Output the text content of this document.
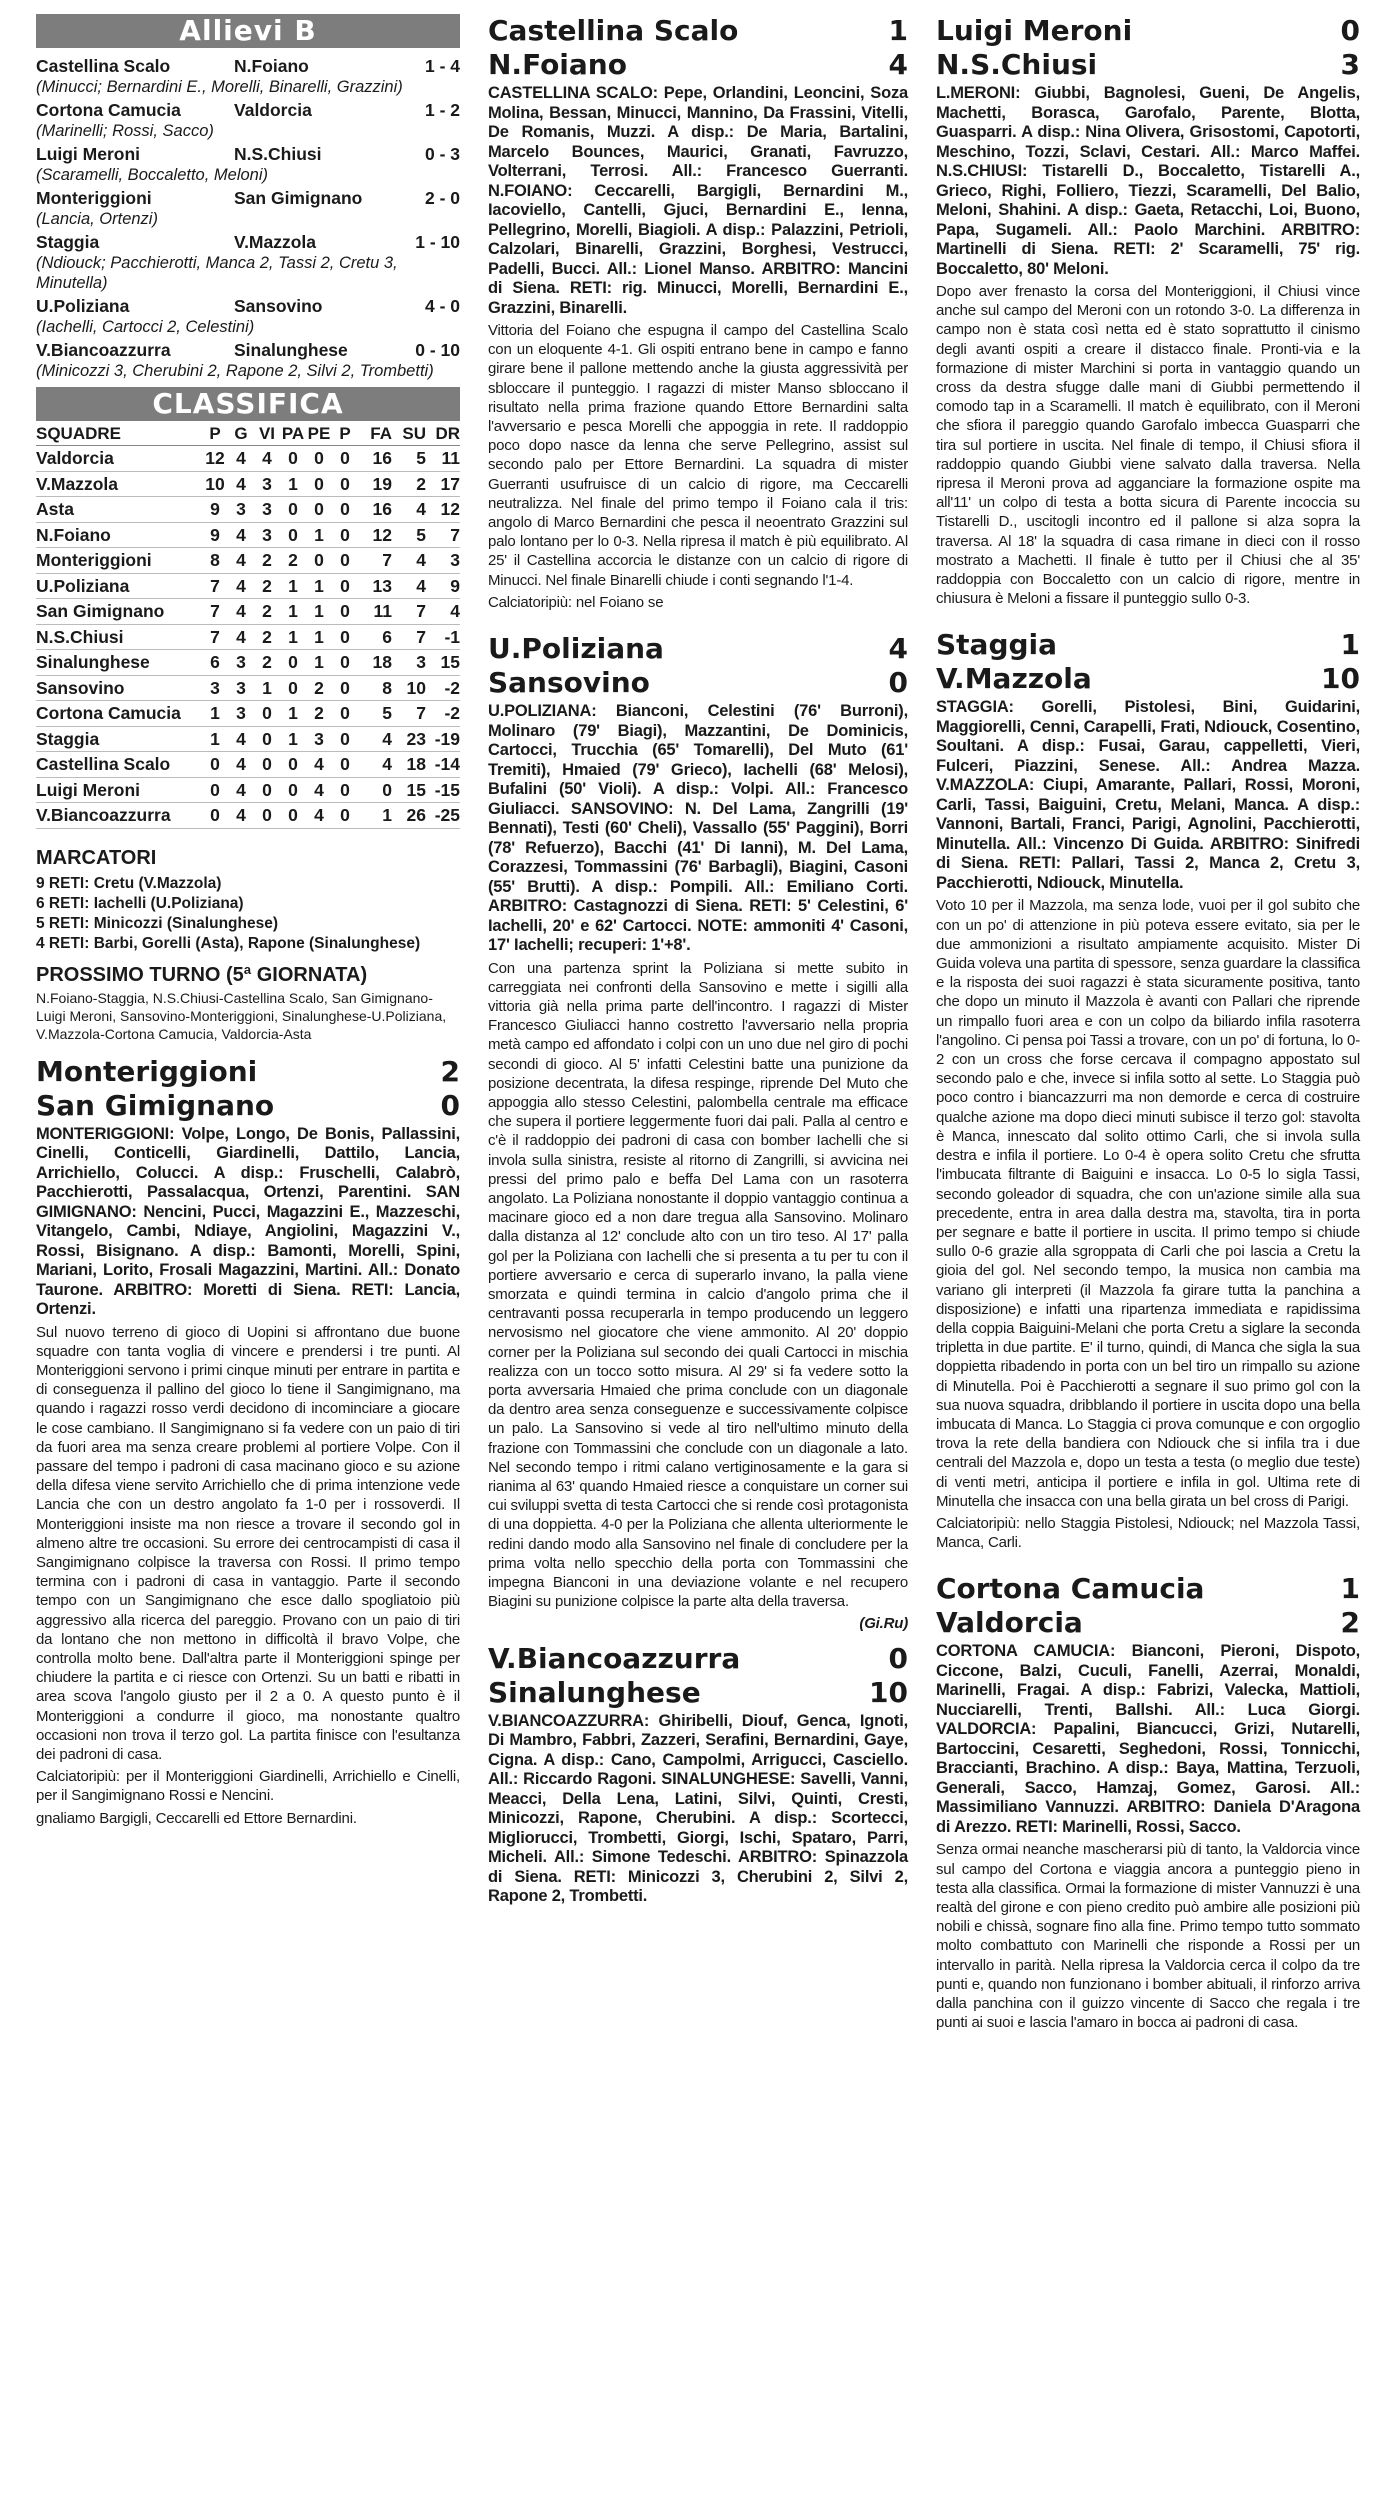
Allievi B
Castellina Scalo	N.Foiano	1 - 4
(Minucci; Bernardini E., Morelli, Binarelli, Grazzini)
Cortona Camucia	Valdorcia	1 - 2
(Marinelli; Rossi, Sacco)
Luigi Meroni	N.S.Chiusi	0 - 3
(Scaramelli, Boccaletto, Meloni)
Monteriggioni	San Gimignano	2 - 0
(Lancia, Ortenzi)
Staggia	V.Mazzola	1 - 10
(Ndiouck; Pacchierotti, Manca 2, Tassi 2, Cretu 3, Minutella)
U.Poliziana	Sansovino	4 - 0
(Iachelli, Cartocci 2, Celestini)
V.Biancoazzurra	Sinalunghese	0 - 10
(Minicozzi 3, Cherubini 2, Rapone 2, Silvi 2, Trombetti)
CLASSIFICA
SQUADRE	P	G	VI	PA	PE	P	FA	SU	DR
Valdorcia	12	4	4	0	0	0	16	5	11
V.Mazzola	10	4	3	1	0	0	19	2	17
Asta	9	3	3	0	0	0	16	4	12
N.Foiano	9	4	3	0	1	0	12	5	7
Monteriggioni	8	4	2	2	0	0	7	4	3
U.Poliziana	7	4	2	1	1	0	13	4	9
San Gimignano	7	4	2	1	1	0	11	7	4
N.S.Chiusi	7	4	2	1	1	0	6	7	-1
Sinalunghese	6	3	2	0	1	0	18	3	15
Sansovino	3	3	1	0	2	0	8	10	-2
Cortona Camucia	1	3	0	1	2	0	5	7	-2
Staggia	1	4	0	1	3	0	4	23	-19
Castellina Scalo	0	4	0	0	4	0	4	18	-14
Luigi Meroni	0	4	0	0	4	0	0	15	-15
V.Biancoazzurra	0	4	0	0	4	0	1	26	-25
MARCATORI
9 RETI: Cretu (V.Mazzola)
6 RETI: Iachelli (U.Poliziana)
5 RETI: Minicozzi (Sinalunghese)
4 RETI: Barbi, Gorelli (Asta), Rapone (Sinalunghese)
PROSSIMO TURNO (5ª GIORNATA)
N.Foiano-Staggia, N.S.Chiusi-Castellina Scalo, San Gimignano-Luigi Meroni, Sansovino-Monteriggioni, Sinalunghese-U.Poliziana, V.Mazzola-Cortona Camucia, Valdorcia-Asta
Monteriggioni	2
San Gimignano	0
MONTERIGGIONI: Volpe, Longo, De Bonis, Pallassini, Cinelli, Conticelli, Giardinelli, Dattilo, Lancia, Arrichiello, Colucci. A disp.: Fruschelli, Calabrò, Pacchierotti, Passalacqua, Ortenzi, Parentini. SAN GIMIGNANO: Nencini, Pucci, Magazzini E., Mazzeschi, Vitangelo, Cambi, Ndiaye, Angiolini, Magazzini V., Rossi, Bisignano. A disp.: Bamonti, Morelli, Spini, Mariani, Lorito, Frosali Magazzini, Martini. All.: Donato Taurone. ARBITRO: Moretti di Siena. RETI: Lancia, Ortenzi.
Sul nuovo terreno di gioco di Uopini si affrontano due buone squadre con tanta voglia di vincere e prendersi i tre punti. Al Monteriggioni servono i primi cinque minuti per entrare in partita e di conseguenza il pallino del gioco lo tiene il Sangimignano, ma quando i ragazzi rosso verdi decidono di incominciare a giocare le cose cambiano. Il Sangimignano si fa vedere con un paio di tiri da fuori area ma senza creare problemi al portiere Volpe. Con il passare del tempo i padroni di casa macinano gioco e su azione della difesa viene servito Arrichiello che di prima intenzione vede Lancia che con un destro angolato fa 1-0 per i rossoverdi. Il Monteriggioni insiste ma non riesce a trovare il secondo gol in almeno altre tre occasioni. Su errore dei centrocampisti di casa il Sangimignano colpisce la traversa con Rossi. Il primo tempo termina con i padroni di casa in vantaggio. Parte il secondo tempo con un Sangimignano che esce dallo spogliatoio più aggressivo alla ricerca del pareggio. Provano con un paio di tiri da lontano che non mettono in difficoltà il bravo Volpe, che controlla molto bene. Dall'altra parte il Monteriggioni spinge per chiudere la partita e ci riesce con Ortenzi. Su un batti e ribatti in area scova l'angolo giusto per il 2 a 0. A questo punto è il Monteriggioni a condurre il gioco, ma nonostante qualtro occasioni non trova il terzo gol. La partita finisce con l'esultanza dei padroni di casa.
Calciatoripiù: per il Monteriggioni Giardinelli, Arrichiello e Cinelli, per il Sangimignano Rossi e Nencini.
gnaliamo Bargigli, Ceccarelli ed Ettore Bernardini.
Castellina Scalo	1
N.Foiano	4
CASTELLINA SCALO: Pepe, Orlandini, Leoncini, Soza Molina, Bessan, Minucci, Mannino, Da Frassini, Vitelli, De Romanis, Muzzi. A disp.: De Maria, Bartalini, Marcelo Bounces, Maurici, Granati, Favruzzo, Volterrani, Terrosi. All.: Francesco Guerranti. N.FOIANO: Ceccarelli, Bargigli, Bernardini M., Iacoviello, Cantelli, Gjuci, Bernardini E., Ienna, Pellegrino, Morelli, Biagioli. A disp.: Palazzini, Petrioli, Calzolari, Binarelli, Grazzini, Borghesi, Vestrucci, Padelli, Bucci. All.: Lionel Manso. ARBITRO: Mancini di Siena. RETI: rig. Minucci, Morelli, Bernardini E., Grazzini, Binarelli.
Vittoria del Foiano che espugna il campo del Castellina Scalo con un eloquente 4-1. Gli ospiti entrano bene in campo e fanno girare bene il pallone mettendo anche la giusta aggressività per sbloccare il punteggio. I ragazzi di mister Manso sbloccano il risultato nella prima frazione quando Ettore Bernardini salta l'avversario e pesca Morelli che appoggia in rete. Il raddoppio poco dopo nasce da lenna che serve Pellegrino, assist sul secondo palo per Ettore Bernardini. La squadra di mister Guerranti usufruisce di un calcio di rigore, ma Ceccarelli neutralizza. Nel finale del primo tempo il Foiano cala il tris: angolo di Marco Bernardini che pesca il neoentrato Grazzini sul palo lontano per lo 0-3. Nella ripresa il match è più equilibrato. Al 25' il Castellina accorcia le distanze con un calcio di rigore di Minucci. Nel finale Binarelli chiude i conti segnando l'1-4.
Calciatoripiù: nel Foiano se
U.Poliziana	4
Sansovino	0
U.POLIZIANA: Bianconi, Celestini (76' Burroni), Molinaro (79' Biagi), Mazzantini, De Dominicis, Cartocci, Trucchia (65' Tomarelli), Del Muto (61' Tremiti), Hmaied (79' Grieco), Iachelli (68' Melosi), Bufalini (50' Violi). A disp.: Volpi. All.: Francesco Giuliacci. SANSOVINO: N. Del Lama, Zangrilli (19' Bennati), Testi (60' Cheli), Vassallo (55' Paggini), Borri (78' Refuerzo), Bacchi (41' Di Ianni), M. Del Lama, Corazzesi, Tommassini (76' Barbagli), Biagini, Casoni (55' Brutti). A disp.: Pompili. All.: Emiliano Corti. ARBITRO: Castagnozzi di Siena. RETI: 5' Celestini, 6' Iachelli, 20' e 62' Cartocci. NOTE: ammoniti 4' Casoni, 17' Iachelli; recuperi: 1'+8'.
Con una partenza sprint la Poliziana si mette subito in carreggiata nei confronti della Sansovino e mette i sigilli alla vittoria già nella prima parte dell'incontro. I ragazzi di Mister Francesco Giuliacci hanno costretto l'avversario nella propria metà campo ed affondato i colpi con un uno due nel giro di pochi secondi di gioco. Al 5' infatti Celestini batte una punizione da posizione decentrata, la difesa respinge, riprende Del Muto che appoggia allo stesso Celestini, palombella centrale ma efficace che supera il portiere leggermente fuori dai pali. Palla al centro e c'è il raddoppio dei padroni di casa con bomber Iachelli che si invola sulla sinistra, resiste al ritorno di Zangrilli, si avvicina nei pressi del primo palo e beffa Del Lama con un rasoterra angolato. La Poliziana nonostante il doppio vantaggio continua a macinare gioco ed a non dare tregua alla Sansovino. Molinaro dalla distanza al 12' conclude alto con un tiro teso. Al 17' palla gol per la Poliziana con Iachelli che si presenta a tu per tu con il portiere avversario e cerca di superarlo invano, la palla viene smorzata e quindi termina in calcio d'angolo prima che il centravanti possa recuperarla in tempo producendo un leggero nervosismo nel giocatore che viene ammonito. Al 20' doppio corner per la Poliziana sul secondo dei quali Cartocci in mischia realizza con un tocco sotto misura. Al 29' si fa vedere sotto la porta avversaria Hmaied che prima conclude con un diagonale da dentro area senza conseguenze e successivamente colpisce un palo. La Sansovino si vede al tiro nell'ultimo minuto della frazione con Tommassini che conclude con un diagonale a lato. Nel secondo tempo i ritmi calano vertiginosamente e la gara si rianima al 63' quando Hmaied riesce a conquistare un corner sui cui sviluppi svetta di testa Cartocci che si rende così protagonista di una doppietta. 4-0 per la Poliziana che allenta ulteriormente le redini dando modo alla Sansovino nel finale di concludere per la prima volta nello specchio della porta con Tommassini che impegna Bianconi in una deviazione volante e nel recupero Biagini su punizione colpisce la parte alta della traversa.
(Gi.Ru)
V.Biancoazzurra	0
Sinalunghese	10
V.BIANCOAZZURRA: Ghiribelli, Diouf, Genca, Ignoti, Di Mambro, Fabbri, Zazzeri, Serafini, Bernardini, Gaye, Cigna. A disp.: Cano, Campolmi, Arrigucci, Casciello. All.: Riccardo Ragoni. SINALUNGHESE: Savelli, Vanni, Meacci, Della Lena, Latini, Silvi, Quinti, Cresti, Minicozzi, Rapone, Cherubini. A disp.: Scortecci, Migliorucci, Trombetti, Giorgi, Ischi, Spataro, Parri, Micheli. All.: Simone Tedeschi. ARBITRO: Spinazzola di Siena. RETI: Minicozzi 3, Cherubini 2, Silvi 2, Rapone 2, Trombetti.
Luigi Meroni	0
N.S.Chiusi	3
L.MERONI: Giubbi, Bagnolesi, Gueni, De Angelis, Machetti, Borasca, Garofalo, Parente, Blotta, Guasparri. A disp.: Nina Olivera, Grisostomi, Capotorti, Meschino, Tozzi, Sclavi, Cestari. All.: Marco Maffei. N.S.CHIUSI: Tistarelli D., Boccaletto, Tistarelli A., Grieco, Righi, Folliero, Tiezzi, Scaramelli, Del Balio, Meloni, Shahini. A disp.: Gaeta, Retacchi, Loi, Buono, Papa, Sugameli. All.: Paolo Marchini. ARBITRO: Martinelli di Siena. RETI: 2' Scaramelli, 75' rig. Boccaletto, 80' Meloni.
Dopo aver frenasto la corsa del Monteriggioni, il Chiusi vince anche sul campo del Meroni con un rotondo 3-0. La differenza in campo non è stata così netta ed è stato soprattutto il cinismo degli avanti ospiti a creare il distacco finale. Pronti-via e la formazione di mister Marchini si porta in vantaggio quando un cross da destra sfugge dalle mani di Giubbi permettendo il comodo tap in a Scaramelli. Il match è equilibrato, con il Meroni che sfiora il pareggio quando Garofalo imbecca Guasparri che tira sul portiere in uscita. Nel finale di tempo, il Chiusi sfiora il raddoppio quando Giubbi viene salvato dalla traversa. Nella ripresa il Meroni prova ad agganciare la formazione ospite ma all'11' un colpo di testa a botta sicura di Parente incoccia su Tistarelli D., uscitogli incontro ed il pallone si alza sopra la traversa. Al 18' la squadra di casa rimane in dieci con il rosso mostrato a Machetti. Il finale è tutto per il Chiusi che al 35' raddoppia con Boccaletto con un calcio di rigore, mentre in chiusura è Meloni a fissare il punteggio sullo 0-3.
Staggia	1
V.Mazzola	10
STAGGIA: Gorelli, Pistolesi, Bini, Guidarini, Maggiorelli, Cenni, Carapelli, Frati, Ndiouck, Cosentino, Soultani. A disp.: Fusai, Garau, cappelletti, Vieri, Fulceri, Piazzini, Senese. All.: Andrea Mazza. V.MAZZOLA: Ciupi, Amarante, Pallari, Rossi, Moroni, Carli, Tassi, Baiguini, Cretu, Melani, Manca. A disp.: Vannoni, Bartali, Franci, Parigi, Agnolini, Pacchierotti, Minutella. All.: Vincenzo Di Guida. ARBITRO: Sinifredi di Siena. RETI: Pallari, Tassi 2, Manca 2, Cretu 3, Pacchierotti, Ndiouck, Minutella.
Voto 10 per il Mazzola, ma senza lode, vuoi per il gol subito che con un po' di attenzione in più poteva essere evitato, sia per le due ammonizioni a risultato ampiamente acquisito. Mister Di Guida voleva una partita di spessore, senza guardare la classifica e la risposta dei suoi ragazzi è stata sicuramente positiva, tanto che dopo un minuto il Mazzola è avanti con Pallari che riprende un rimpallo fuori area e con un colpo da biliardo infila rasoterra l'angolino. Ci pensa poi Tassi a trovare, con un po' di fortuna, lo 0-2 con un cross che forse cercava il compagno appostato sul secondo palo e che, invece si infila sotto al sette. Lo Staggia può poco contro i biancazzurri ma non demorde e cerca di costruire qualche azione ma dopo dieci minuti subisce il terzo gol: stavolta è Manca, innescato dal solito ottimo Carli, che si invola sulla destra e infila il portiere. Lo 0-4 è opera solito Cretu che sfrutta l'imbucata filtrante di Baiguini e insacca. Lo 0-5 lo sigla Tassi, secondo goleador di squadra, che con un'azione simile alla sua precedente, entra in area dalla destra ma, stavolta, tira in porta per segnare e batte il portiere in uscita. Il primo tempo si chiude sullo 0-6 grazie alla sgroppata di Carli che poi lascia a Cretu la gioia del gol. Nel secondo tempo, la musica non cambia ma variano gli interpreti (il Mazzola fa girare tutta la panchina a disposizione) e infatti una ripartenza immediata e rapidissima della coppia Baiguini-Melani che porta Cretu a siglare la seconda tripletta in due partite. E' il turno, quindi, di Manca che sigla la sua doppietta ribadendo in porta con un bel tiro un rimpallo su azione di Minutella. Poi è Pacchierotti a segnare il suo primo gol con la sua nuova squadra, dribblando il portiere in uscita dopo una bella imbucata di Manca. Lo Staggia ci prova comunque e con orgoglio trova la rete della bandiera con Ndiouck che si infila tra i due centrali del Mazzola e, dopo un testa a testa (o meglio due teste) di venti metri, anticipa il portiere e infila in gol. Ultima rete di Minutella che insacca con una bella girata un bel cross di Parigi.
Calciatoripiù: nello Staggia Pistolesi, Ndiouck; nel Mazzola Tassi, Manca, Carli.
Cortona Camucia	1
Valdorcia	2
CORTONA CAMUCIA: Bianconi, Pieroni, Dispoto, Ciccone, Balzi, Cuculi, Fanelli, Azerrai, Monaldi, Marinelli, Fragai. A disp.: Fabrizi, Valecka, Mattioli, Nucciarelli, Trenti, Ballshi. All.: Luca Giorgi. VALDORCIA: Papalini, Biancucci, Grizi, Nutarelli, Bartoccini, Cesaretti, Seghedoni, Rossi, Tonnicchi, Braccianti, Brachino. A disp.: Baya, Mattina, Terzuoli, Generali, Sacco, Hamzaj, Gomez, Garosi. All.: Massimiliano Vannuzzi. ARBITRO: Daniela D'Aragona di Arezzo. RETI: Marinelli, Rossi, Sacco.
Senza ormai neanche mascherarsi più di tanto, la Valdorcia vince sul campo del Cortona e viaggia ancora a punteggio pieno in testa alla classifica. Ormai la formazione di mister Vannuzzi è una realtà del girone e con pieno credito può ambire alle posizioni più nobili e chissà, sognare fino alla fine. Primo tempo tutto sommato molto combattuto con Marinelli che risponde a Rossi per un intervallo in parità. Nella ripresa la Valdorcia cerca il colpo da tre punti e, quando non funzionano i bomber abituali, il rinforzo arriva dalla panchina con il guizzo vincente di Sacco che regala i tre punti ai suoi e lascia l'amaro in bocca ai padroni di casa.
